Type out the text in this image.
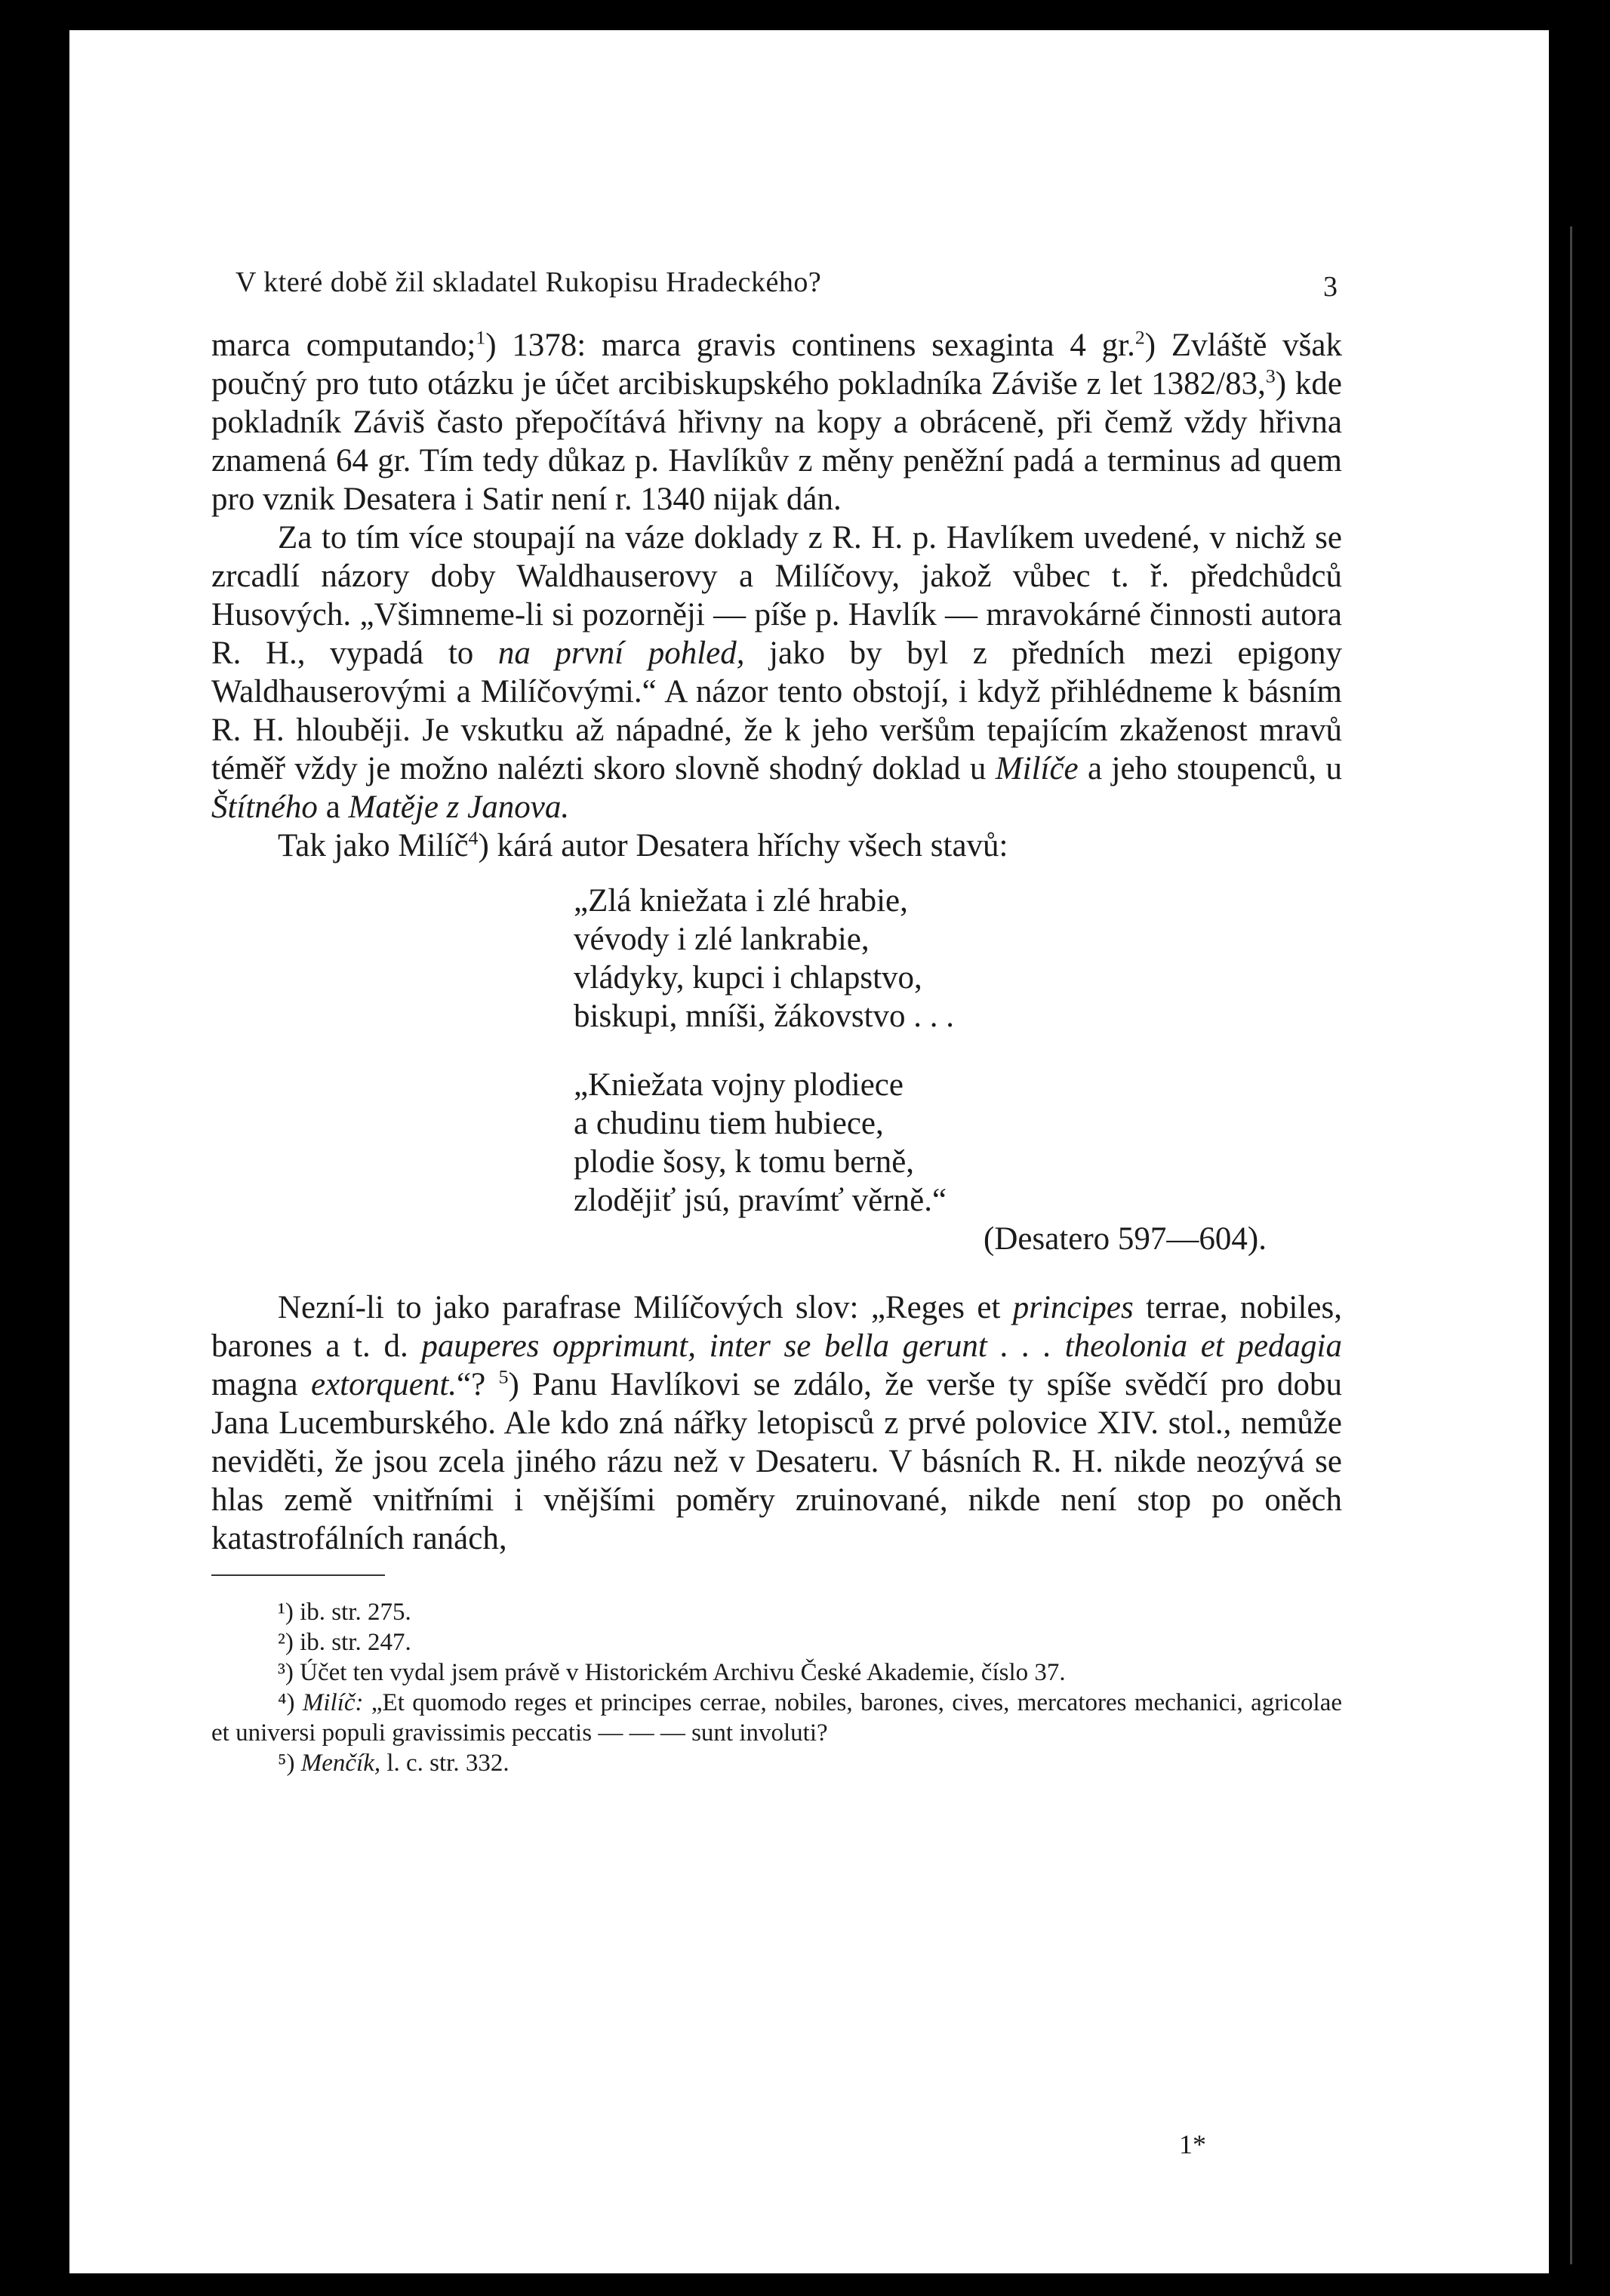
V které době žil skladatel Rukopisu Hradeckého?	3

marca computando;$^1$) 1378: marca gravis continens sexaginta 4 gr.$^2$) Zvláště však poučný pro tuto otázku je účet arcibiskupského pokladníka Záviše z let 1382/83,$^3$) kde pokladník Záviš často přepočítává hřivny na kopy a obráceně, při čemž vždy hřivna znamená 64 gr. Tím tedy důkaz p. Havlíkův z měny peněžní padá a terminus ad quem pro vznik Desatera i Satir není r. 1340 nijak dán.

Za to tím více stoupají na váze doklady z R. H. p. Havlíkem uvedené, v nichž se zrcadlí názory doby Waldhauserovy a Milíčovy, jakož vůbec t. ř. předchůdců Husových. „Všimneme-li si pozorněji — píše p. Havlík — mravokárné činnosti autora R. H., vypadá to na první pohled, jako by byl z předních mezi epigony Waldhauserovými a Milíčovými.“ A názor tento obstojí, i když přihlédneme k básním R. H. hlouběji. Je vskutku až nápadné, že k jeho veršům tepajícím zkaženost mravů téměř vždy je možno nalézti skoro slovně shodný doklad u Milíče a jeho stoupenců, u Štítného a Matěje z Janova.

Tak jako Milíč$^4$) kárá autor Desatera hříchy všech stavů:

„Zlá kniežata i zlé hrabie,
vévody i zlé lankrabie,
vládyky, kupci i chlapstvo,
biskupi, mníši, žákovstvo . . .
„Kniežata vojny plodiece
a chudinu tiem hubiece,
plodie šosy, k tomu berně,
zlodějiť jsú, pravímť věrně.“
(Desatero 597—604).

Nezní-li to jako parafrase Milíčových slov: „Reges et principes terrae, nobiles, barones a t. d. pauperes opprimunt, inter se bella gerunt . . . theolonia et pedagia magna extorquent.“? $^5$) Panu Havlíkovi se zdálo, že verše ty spíše svědčí pro dobu Jana Lucemburského. Ale kdo zná nářky letopisců z prvé polovice XIV. stol., nemůže neviděti, že jsou zcela jiného rázu než v Desateru. V básních R. H. nikde neozývá se hlas země vnitřními i vnějšími poměry zruinované, nikde není stop po oněch katastrofálních ranách,

¹) ib. str. 275.

²) ib. str. 247.

³) Účet ten vydal jsem právě v Historickém Archivu České Akademie, číslo 37.

⁴) Milíč: „Et quomodo reges et principes cerrae, nobiles, barones, cives, mercatores mechanici, agricolae et universi populi gravissimis peccatis — — — sunt involuti?

⁵) Menčík, l. c. str. 332.

1*
